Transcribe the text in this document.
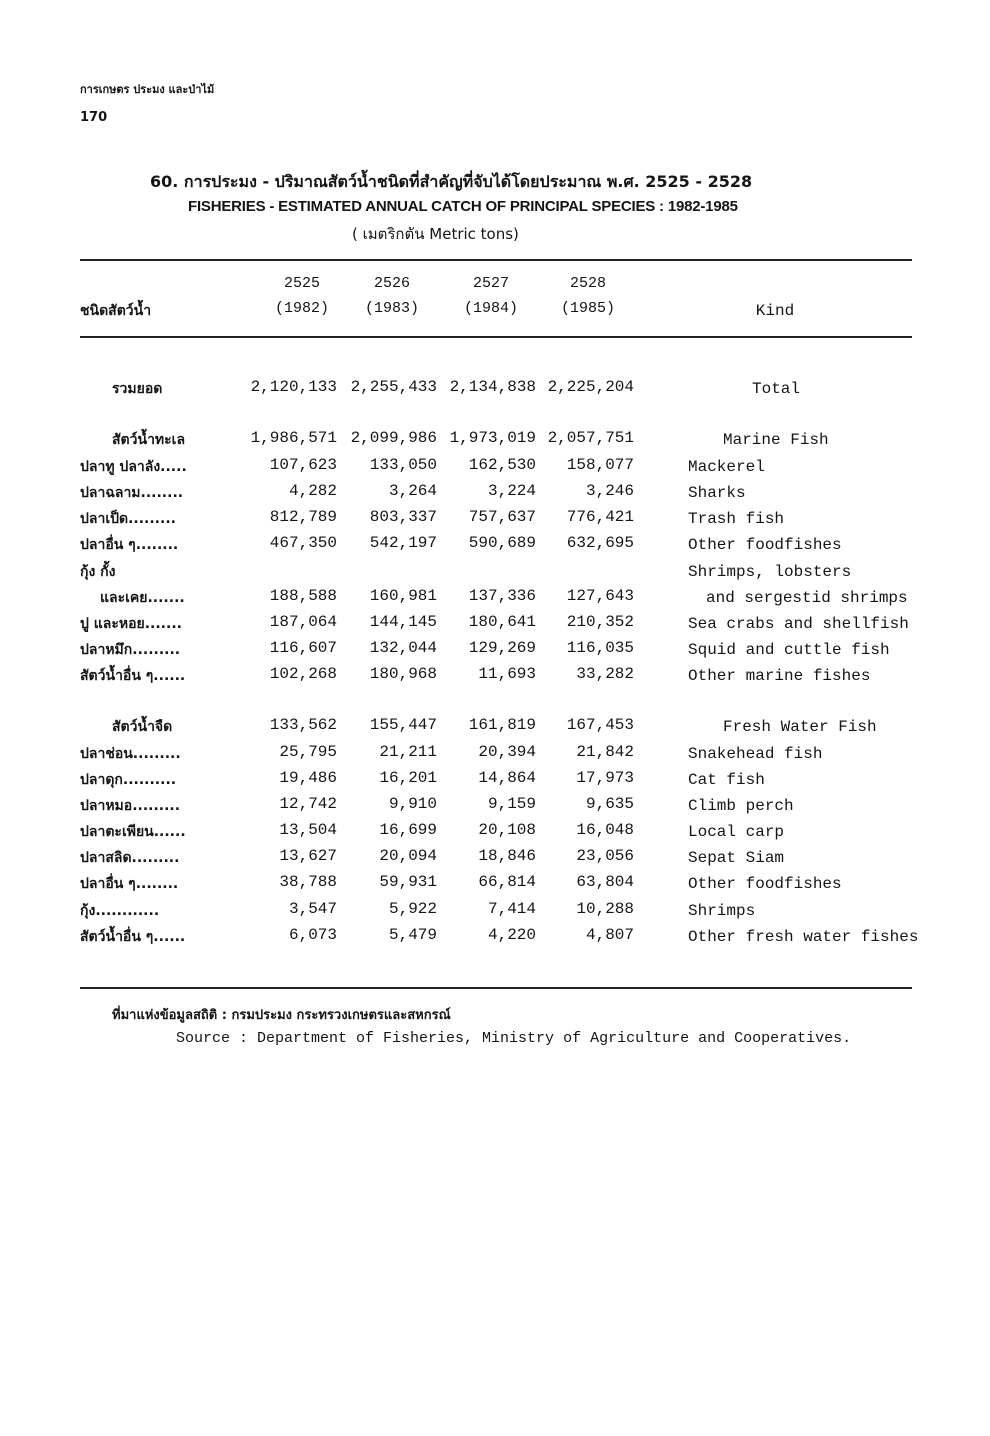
การเกษตร ประมง และป่าไม้
170
60. การประมง - ปริมาณสัตว์น้ำชนิดที่สำคัญที่จับได้โดยประมาณ พ.ศ. 2525 - 2528
FISHERIES - ESTIMATED ANNUAL CATCH OF PRINCIPAL SPECIES : 1982-1985
( เมตริกตัน Metric tons)
ชนิดสัตว์น้ำ
2525
(1982)
2526
(1983)
2527
(1984)
2528
(1985)	Kind
รวมยอด	2,120,133 2,255,433 2,134,838 2,225,204	Total
สัตว์น้ำทะเล	1,986,571 2,099,986 1,973,019 2,057,751	Marine Fish
ปลาทู ปลาลัง.....	107,623	133,050	162,530	158,077	Mackerel
ปลาฉลาม........	4,282	3,264	3,224	3,246	Sharks
ปลาเป็ด.........	812,789	803,337	757,637	776,421	Trash fish
ปลาอื่น ๆ........	467,350	542,197	590,689	632,695	Other foodfishes
กุ้ง กั้ง	Shrimps, lobsters
และเคย.......	188,588	160,981	137,336	127,643	and sergestid shrimps
ปู และหอย.......	187,064	144,145	180,641	210,352	Sea crabs and shellfish
ปลาหมึก.........	116,607	132,044	129,269	116,035	Squid and cuttle fish
สัตว์น้ำอื่น ๆ......	102,268	180,968	11,693	33,282	Other marine fishes
สัตว์น้ำจืด	133,562	155,447	161,819	167,453	Fresh Water Fish
ปลาช่อน.........	25,795	21,211	20,394	21,842	Snakehead fish
ปลาดุก..........	19,486	16,201	14,864	17,973	Cat fish
ปลาหมอ.........	12,742	9,910	9,159	9,635	Climb perch
ปลาตะเพียน......	13,504	16,699	20,108	16,048	Local carp
ปลาสลิด.........	13,627	20,094	18,846	23,056	Sepat Siam
ปลาอื่น ๆ........	38,788	59,931	66,814	63,804	Other foodfishes
กุ้ง............	3,547	5,922	7,414	10,288	Shrimps
สัตว์น้ำอื่น ๆ......	6,073	5,479	4,220	4,807	Other fresh water fishes
ที่มาแห่งข้อมูลสถิติ : กรมประมง กระทรวงเกษตรและสหกรณ์
Source : Department of Fisheries, Ministry of Agriculture and Cooperatives.
